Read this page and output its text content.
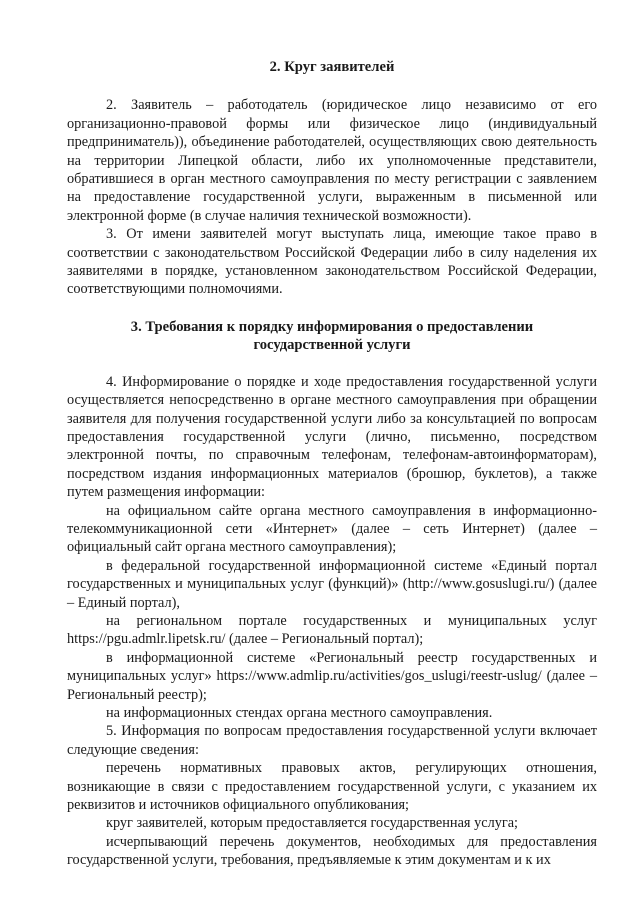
2. Круг заявителей

2. Заявитель – работодатель (юридическое лицо независимо от его организационно-правовой формы или физическое лицо (индивидуальный предприниматель)), объединение работодателей, осуществляющих свою деятельность на территории Липецкой области, либо их уполномоченные представители, обратившиеся в орган местного самоуправления по месту регистрации с заявлением на предоставление государственной услуги, выраженным в письменной или электронной форме (в случае наличия технической возможности).

3. От имени заявителей могут выступать лица, имеющие такое право в соответствии с законодательством Российской Федерации либо в силу наделения их заявителями в порядке, установленном законодательством Российской Федерации, соответствующими полномочиями.

3. Требования к порядку информирования о предоставлении
государственной услуги

4. Информирование о порядке и ходе предоставления государственной услуги осуществляется непосредственно в органе местного самоуправления при обращении заявителя для получения государственной услуги либо за консультацией по вопросам предоставления государственной услуги (лично, письменно, посредством электронной почты, по справочным телефонам, телефонам-автоинформаторам), посредством издания информационных материалов (брошюр, буклетов), а также путем размещения информации:

на официальном сайте органа местного самоуправления в информационно-телекоммуникационной сети «Интернет» (далее – сеть Интернет) (далее – официальный сайт органа местного самоуправления);

в федеральной государственной информационной системе «Единый портал государственных и муниципальных услуг (функций)» (http://www.gosuslugi.ru/) (далее – Единый портал),

на региональном портале государственных и муниципальных услуг https://pgu.admlr.lipetsk.ru/ (далее – Региональный портал);

в информационной системе «Региональный реестр государственных и муниципальных услуг» https://www.admlip.ru/activities/gos_uslugi/reestr-uslug/ (далее – Региональный реестр);

на информационных стендах органа местного самоуправления.

5. Информация по вопросам предоставления государственной услуги включает следующие сведения:

перечень нормативных правовых актов, регулирующих отношения, возникающие в связи с предоставлением государственной услуги, с указанием их реквизитов и источников официального опубликования;

круг заявителей, которым предоставляется государственная услуга;

исчерпывающий перечень документов, необходимых для предоставления государственной услуги, требования, предъявляемые к этим документам и к их
